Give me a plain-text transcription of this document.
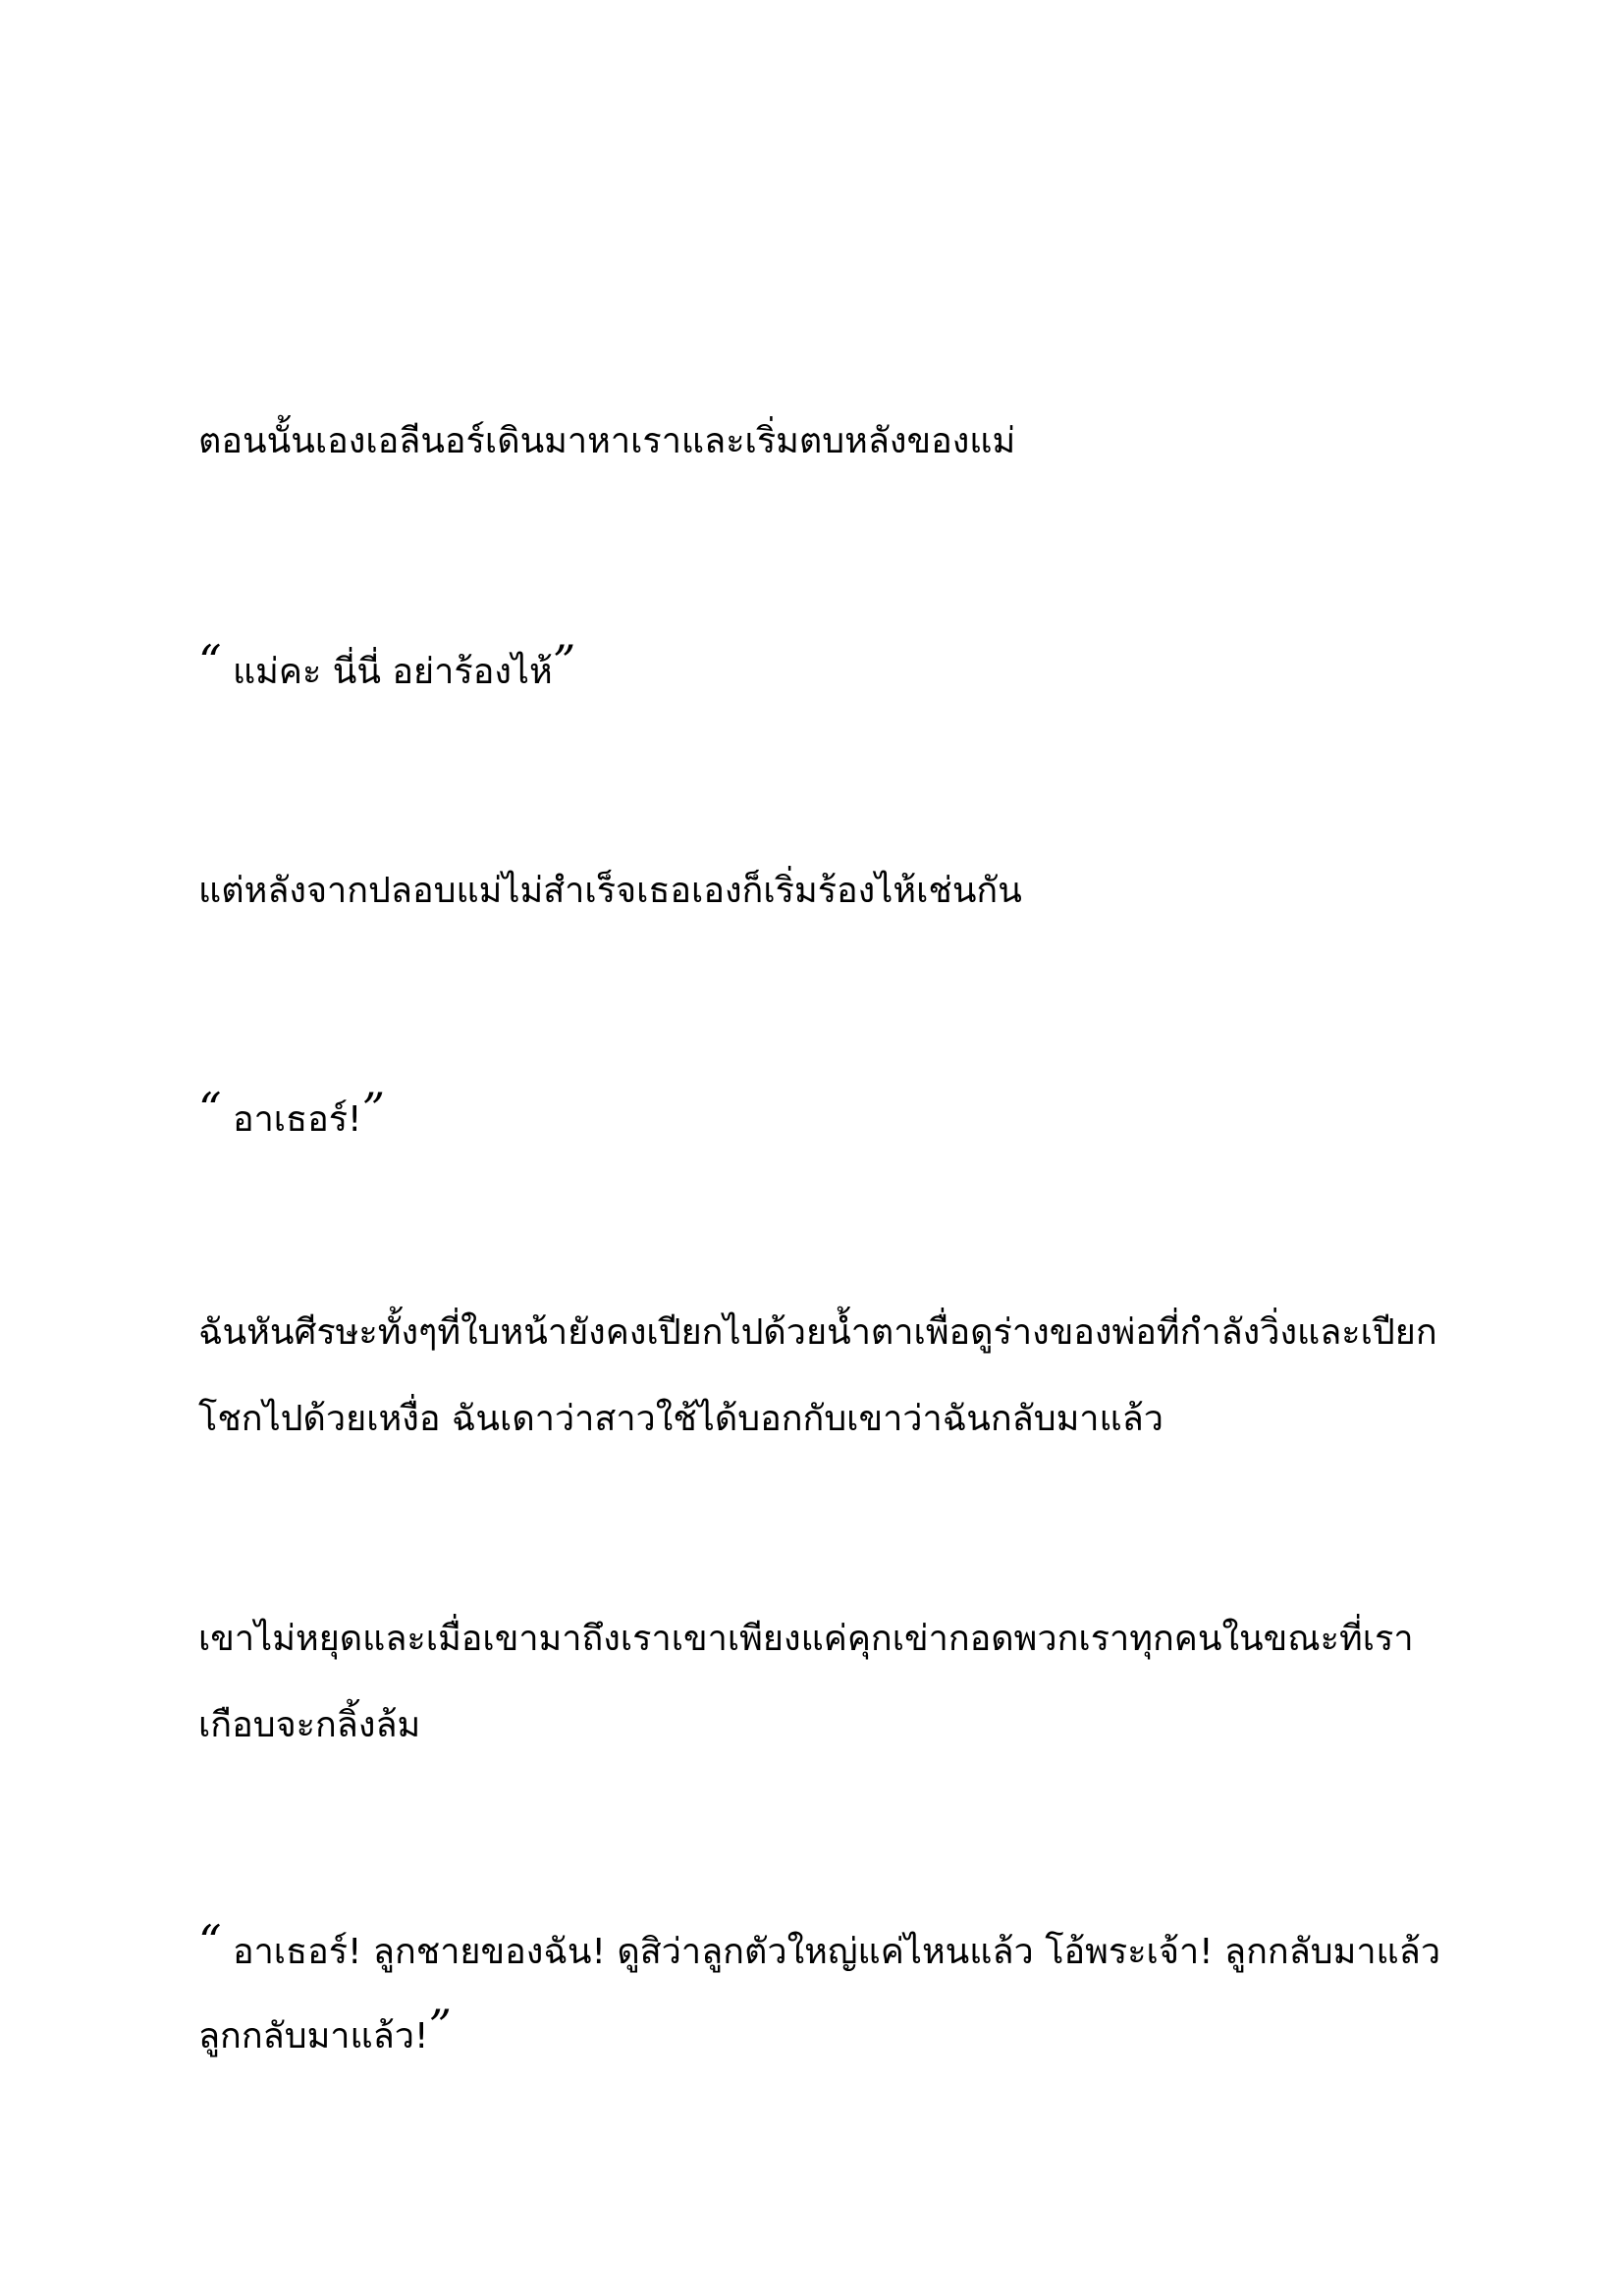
ตอนนั้นเองเอลีนอร์เดินมาหาเราและเริ่มตบหลังของแม่
“ แม่คะ นี่นี่ อย่าร้องไห้”
แต่หลังจากปลอบแม่ไม่สำเร็จเธอเองก็เริ่มร้องไห้เช่นกัน
“ อาเธอร์!”
ฉันหันศีรษะทั้งๆที่ใบหน้ายังคงเปียกไปด้วยน้ำตาเพื่อดูร่างของพ่อที่กำลังวิ่งและเปียก
โชกไปด้วยเหงื่อ ฉันเดาว่าสาวใช้ได้บอกกับเขาว่าฉันกลับมาแล้ว
เขาไม่หยุดและเมื่อเขามาถึงเราเขาเพียงแค่คุกเข่ากอดพวกเราทุกคนในขณะที่เรา
เกือบจะกลิ้งล้ม
“ อาเธอร์! ลูกชายของฉัน! ดูสิว่าลูกตัวใหญ่แค่ไหนแล้ว โอ้พระเจ้า! ลูกกลับมาแล้ว
ลูกกลับมาแล้ว!”
